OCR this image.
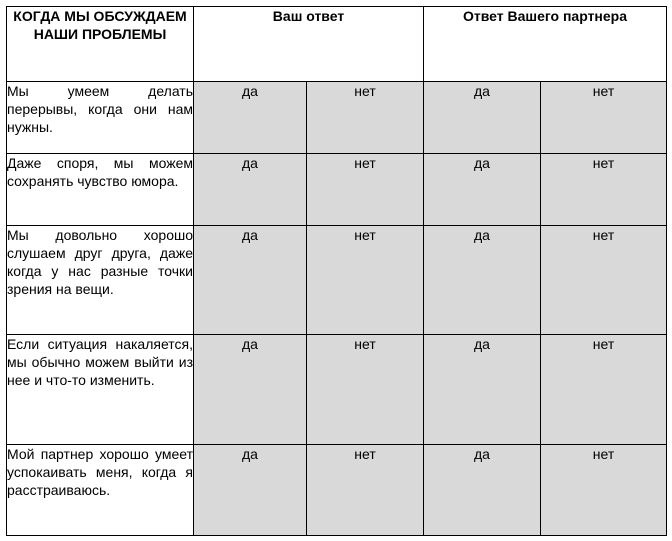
КОГДА МЫ ОБСУЖДАЕМ НАШИ ПРОБЛЕМЫ	Ваш ответ		Ответ Вашего партнера	
Мы умеем делать перерывы, когда они нам нужны.	да	нет	да	нет
Даже споря, мы можем сохранять чувство юмора.	да	нет	да	нет
Мы довольно хорошо слушаем друг друга, даже когда у нас разные точки зрения на вещи.	да	нет	да	нет
Если ситуация накаляется, мы обычно можем выйти из нее и что-то изменить.	да	нет	да	нет
Мой партнер хорошо умеет успокаивать меня, когда я расстраиваюсь.	да	нет	да	нет
